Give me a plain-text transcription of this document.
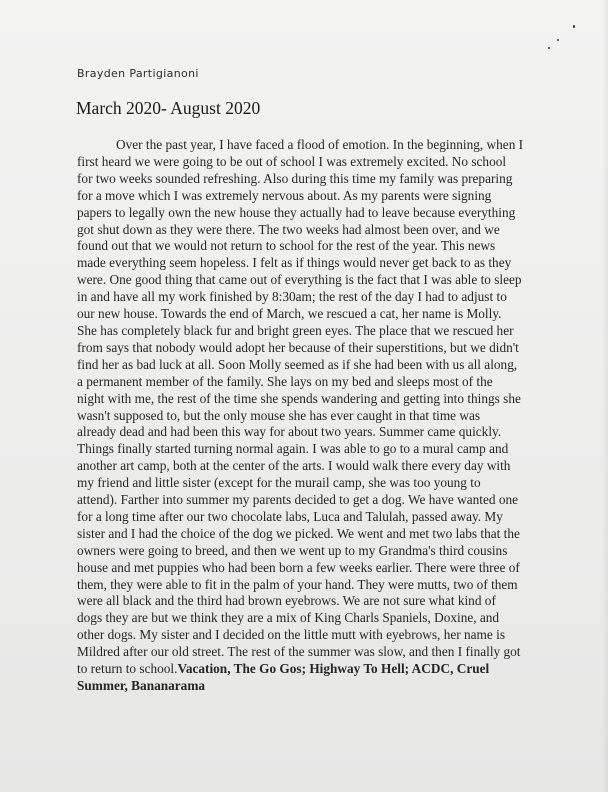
Brayden Partigianoni
March 2020- August 2020
Over the past year, I have faced a flood of emotion. In the beginning, when I
first heard we were going to be out of school I was extremely excited. No school
for two weeks sounded refreshing. Also during this time my family was preparing
for a move which I was extremely nervous about. As my parents were signing
papers to legally own the new house they actually had to leave because everything
got shut down as they were there. The two weeks had almost been over, and we
found out that we would not return to school for the rest of the year. This news
made everything seem hopeless. I felt as if things would never get back to as they
were. One good thing that came out of everything is the fact that I was able to sleep
in and have all my work finished by 8:30am; the rest of the day I had to adjust to
our new house. Towards the end of March, we rescued a cat, her name is Molly.
She has completely black fur and bright green eyes. The place that we rescued her
from says that nobody would adopt her because of their superstitions, but we didn't
find her as bad luck at all. Soon Molly seemed as if she had been with us all along,
a permanent member of the family. She lays on my bed and sleeps most of the
night with me, the rest of the time she spends wandering and getting into things she
wasn't supposed to, but the only mouse she has ever caught in that time was
already dead and had been this way for about two years. Summer came quickly.
Things finally started turning normal again. I was able to go to a mural camp and
another art camp, both at the center of the arts. I would walk there every day with
my friend and little sister (except for the murail camp, she was too young to
attend). Farther into summer my parents decided to get a dog. We have wanted one
for a long time after our two chocolate labs, Luca and Talulah, passed away. My
sister and I had the choice of the dog we picked. We went and met two labs that the
owners were going to breed, and then we went up to my Grandma's third cousins
house and met puppies who had been born a few weeks earlier. There were three of
them, they were able to fit in the palm of your hand. They were mutts, two of them
were all black and the third had brown eyebrows. We are not sure what kind of
dogs they are but we think they are a mix of King Charls Spaniels, Doxine, and
other dogs. My sister and I decided on the little mutt with eyebrows, her name is
Mildred after our old street. The rest of the summer was slow, and then I finally got
to return to school.Vacation, The Go Gos; Highway To Hell; ACDC, Cruel
Summer, Bananarama
